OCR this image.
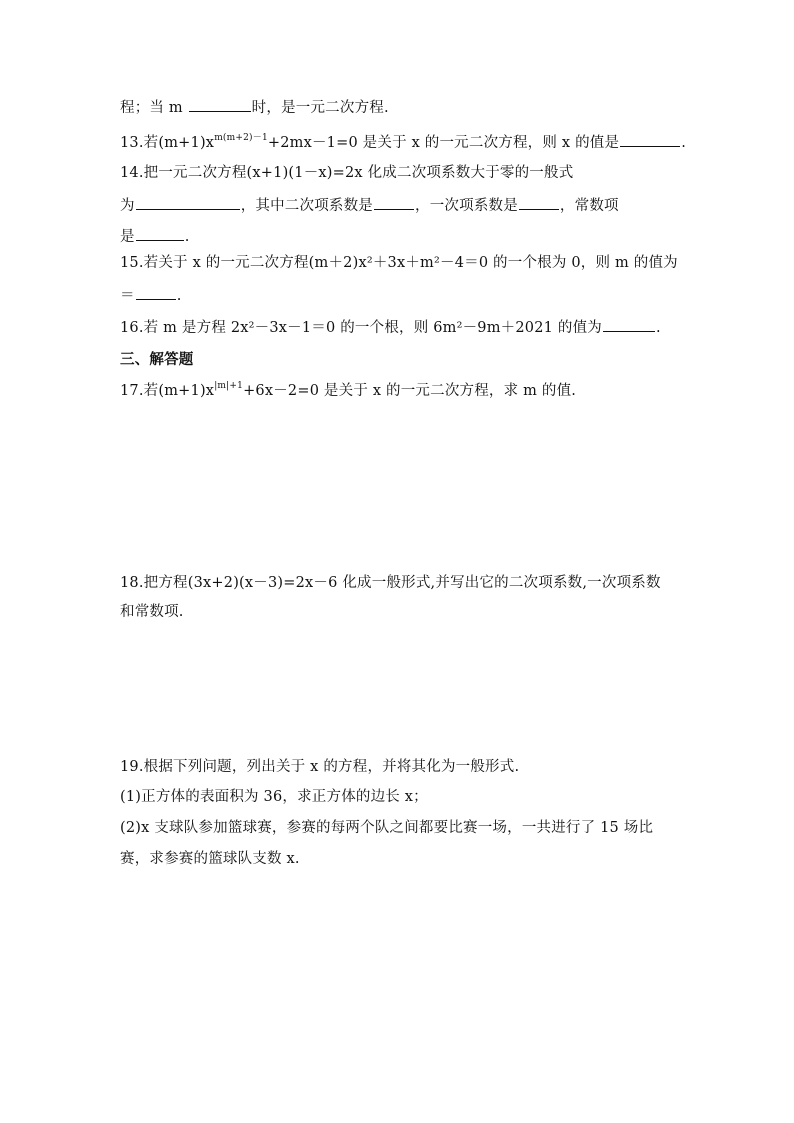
程；当 m	时，是一元二次方程.
13.若$(m+1)x^{m(m+2)-1}+2mx-1=0$ 是关于 x 的一元二次方程，则 x 的值是	.
14.把一元二次方程(x+1)(1－x)=2x 化成二次项系数大于零的一般式
为	，其中二次项系数是	，一次项系数是	，常数项
是	.
15.若关于 x 的一元二次方程(m＋2)x²＋3x＋m²－4＝0 的一个根为 0，则 m 的值为
＝	.
16.若 m 是方程 2x²－3x－1＝0 的一个根，则 6m²－9m＋2021 的值为	.
三、解答题
17.若$(m+1)x^{|m|+1}+6x-2=0$ 是关于 x 的一元二次方程，求 m 的值.
18.把方程(3x+2)(x－3)=2x－6 化成一般形式,并写出它的二次项系数,一次项系数
和常数项.
19.根据下列问题，列出关于 x 的方程，并将其化为一般形式.
(1)正方体的表面积为 36，求正方体的边长 x；
(2)x 支球队参加篮球赛，参赛的每两个队之间都要比赛一场，一共进行了 15 场比
赛，求参赛的篮球队支数 x.
